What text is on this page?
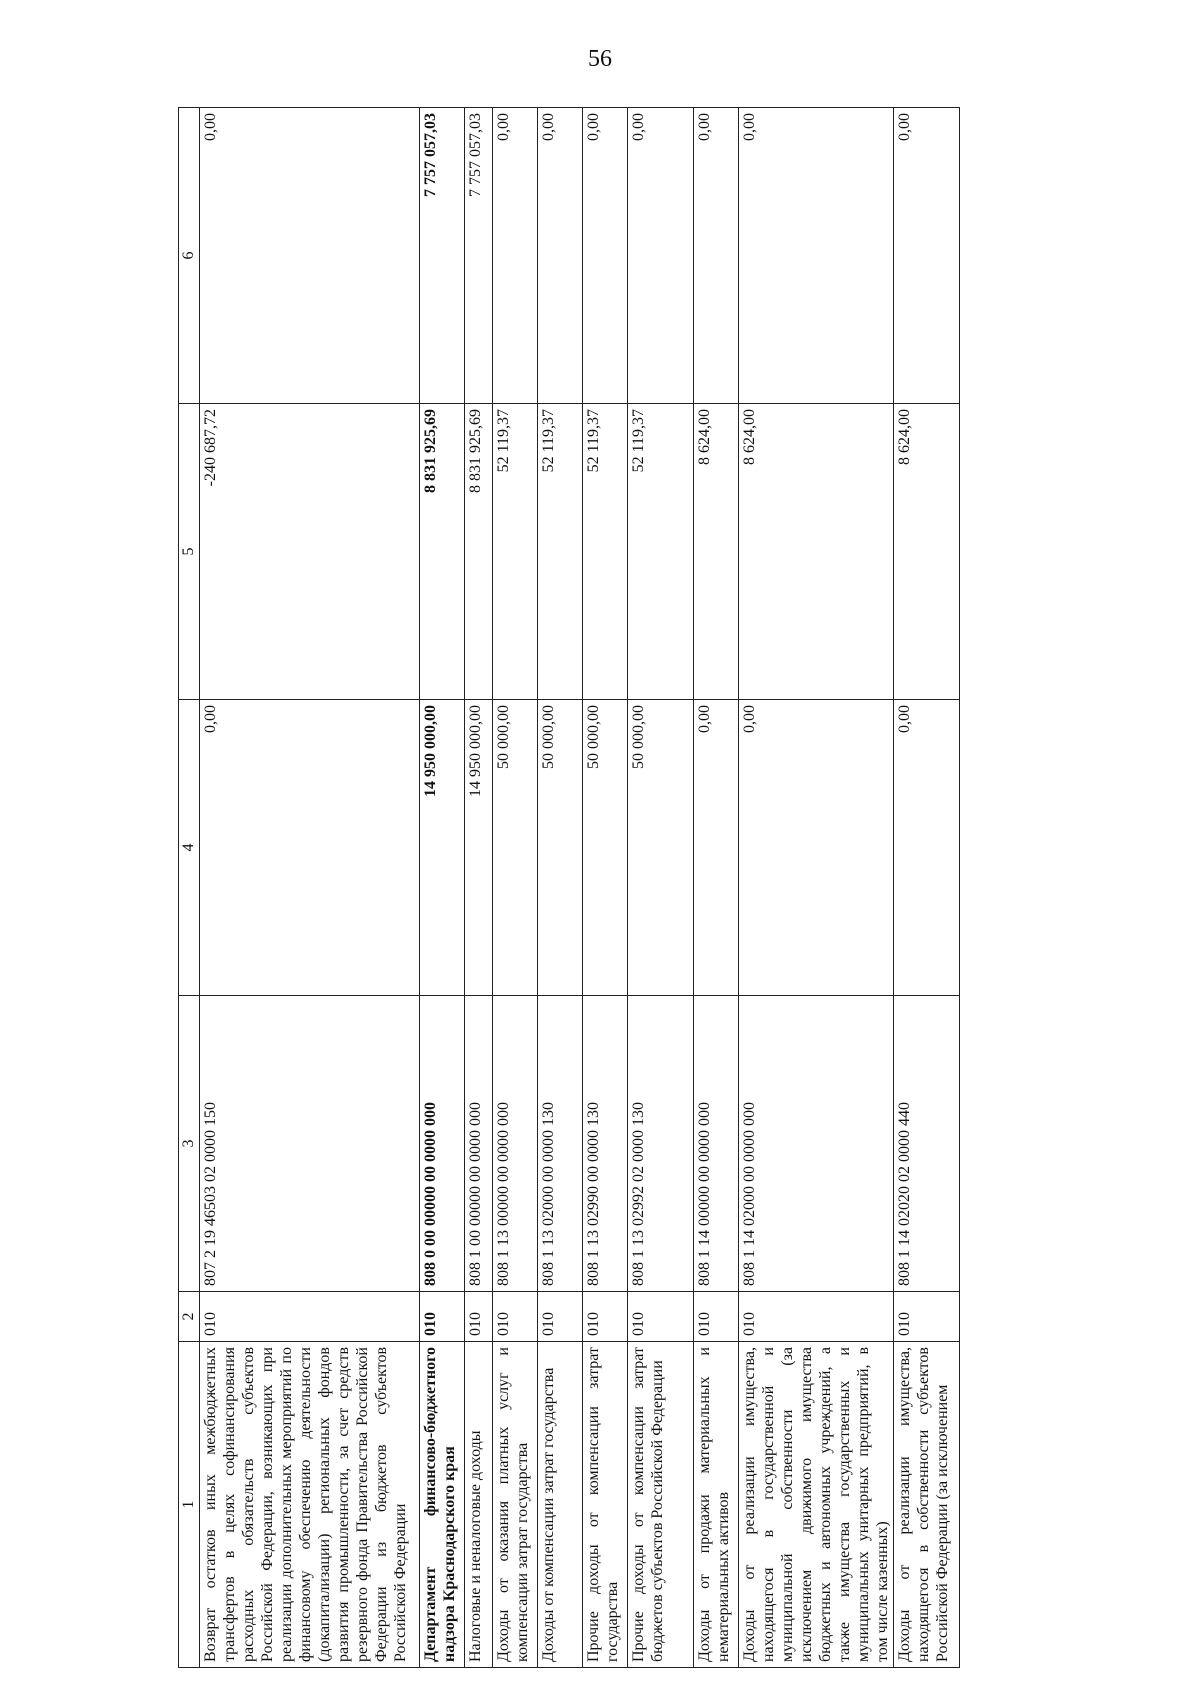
56
1	2	3	4	5	6
Возврат остатков иных межбюджетных трансфертов в целях софинансирования расходных обязательств субъектов Российской Федерации, возникающих при реализации дополнительных мероприятий по финансовому обеспечению деятельности (докапитализации) региональных фондов развития промышленности, за счет средств резервного фонда Правительства Российской Федерации из бюджетов субъектов Российской Федерации	010	807 2 19 46503 02 0000 150	0,00	-240 687,72	0,00
Департамент финансово-бюджетного надзора Краснодарского края	010	808 0 00 00000 00 0000 000	14 950 000,00	8 831 925,69	7 757 057,03
Налоговые и неналоговые доходы	010	808 1 00 00000 00 0000 000	14 950 000,00	8 831 925,69	7 757 057,03
Доходы от оказания платных услуг и компенсации затрат государства	010	808 1 13 00000 00 0000 000	50 000,00	52 119,37	0,00
Доходы от компенсации затрат государства	010	808 1 13 02000 00 0000 130	50 000,00	52 119,37	0,00
Прочие доходы от компенсации затрат государства	010	808 1 13 02990 00 0000 130	50 000,00	52 119,37	0,00
Прочие доходы от компенсации затрат бюджетов субъектов Российской Федерации	010	808 1 13 02992 02 0000 130	50 000,00	52 119,37	0,00
Доходы от продажи материальных и нематериальных активов	010	808 1 14 00000 00 0000 000	0,00	8 624,00	0,00
Доходы от реализации имущества, находящегося в государственной и муниципальной собственности (за исключением движимого имущества бюджетных и автономных учреждений, а также имущества государственных и муниципальных унитарных предприятий, в том числе казенных)	010	808 1 14 02000 00 0000 000	0,00	8 624,00	0,00
Доходы от реализации имущества, находящегося в собственности субъектов Российской Федерации (за исключением	010	808 1 14 02020 02 0000 440	0,00	8 624,00	0,00
